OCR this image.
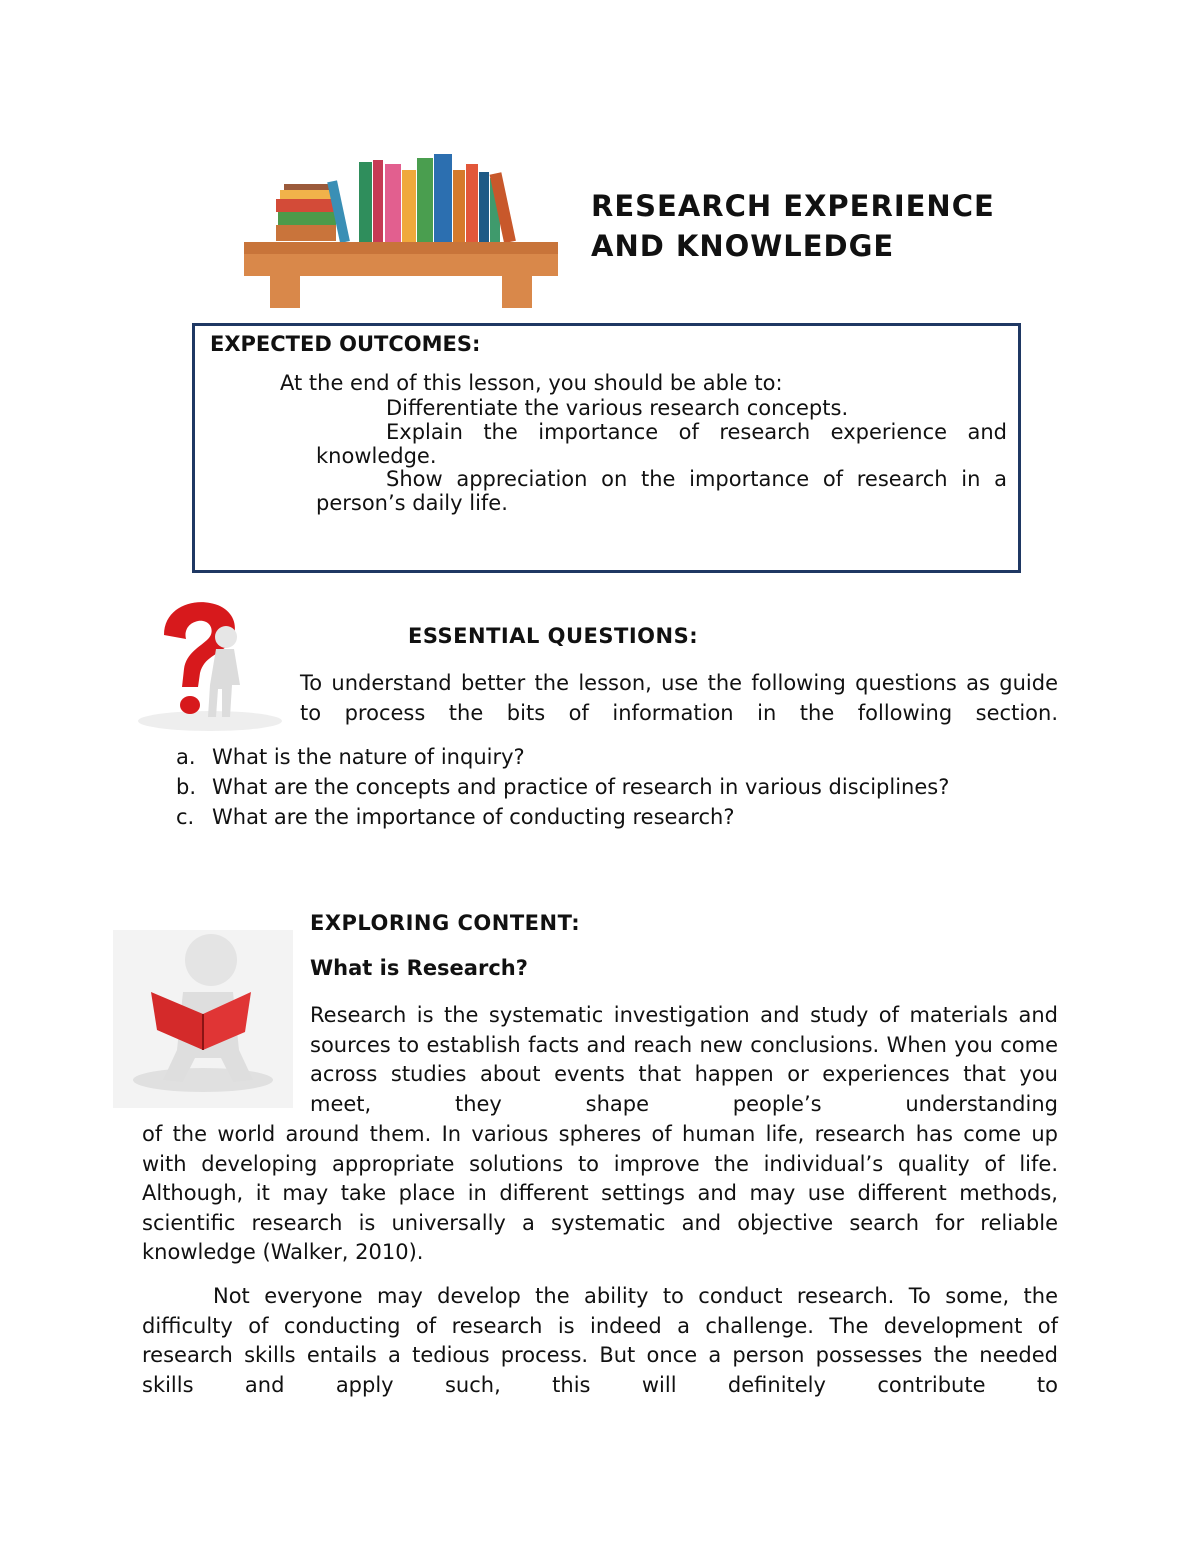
RESEARCH EXPERIENCE
AND KNOWLEDGE
EXPECTED OUTCOMES:
At the end of this lesson, you should be able to:
Differentiate the various research concepts.
Explain the importance of research experience and knowledge.
Show appreciation on the importance of research in a person’s daily life.
ESSENTIAL QUESTIONS:
To understand better the lesson, use the following questions as guide to process the bits of information in the following section.
a. What is the nature of inquiry?
b. What are the concepts and practice of research in various disciplines?
c. What are the importance of conducting research?
EXPLORING CONTENT:
What is Research?
Research is the systematic investigation and study of materials and sources to establish facts and reach new conclusions. When you come across studies about events that happen or experiences that you meet, they shape people’s understanding
of the world around them. In various spheres of human life, research has come up with developing appropriate solutions to improve the individual’s quality of life. Although, it may take place in different settings and may use different methods, scientific research is universally a systematic and objective search for reliable knowledge (Walker, 2010).
Not everyone may develop the ability to conduct research. To some, the difficulty of conducting of research is indeed a challenge. The development of research skills entails a tedious process. But once a person possesses the needed skills and apply such, this will definitely contribute to
